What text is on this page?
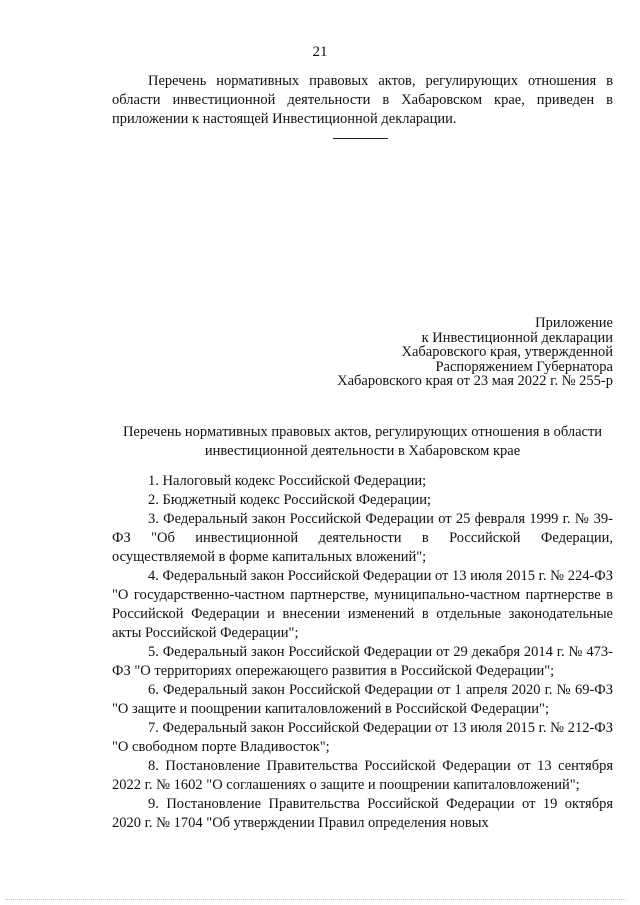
21

Перечень нормативных правовых актов, регулирующих отношения в области инвестиционной деятельности в Хабаровском крае, приведен в приложении к настоящей Инвестиционной декларации.

Приложение
к Инвестиционной декларации
Хабаровского края, утвержденной
Распоряжением Губернатора
Хабаровского края от 23 мая 2022 г. № 255-р
Перечень нормативных правовых актов, регулирующих отношения в области инвестиционной деятельности в Хабаровском крае

1. Налоговый кодекс Российской Федерации;

2. Бюджетный кодекс Российской Федерации;

3. Федеральный закон Российской Федерации от 25 февраля 1999 г. № 39-ФЗ "Об инвестиционной деятельности в Российской Федерации, осуществляемой в форме капитальных вложений";

4. Федеральный закон Российской Федерации от 13 июля 2015 г. № 224-ФЗ "О государственно-частном партнерстве, муниципально-частном партнерстве в Российской Федерации и внесении изменений в отдельные законодательные акты Российской Федерации";

5. Федеральный закон Российской Федерации от 29 декабря 2014 г. № 473-ФЗ "О территориях опережающего развития в Российской Федерации";

6. Федеральный закон Российской Федерации от 1 апреля 2020 г. № 69-ФЗ "О защите и поощрении капиталовложений в Российской Федерации";

7. Федеральный закон Российской Федерации от 13 июля 2015 г. № 212-ФЗ "О свободном порте Владивосток";

8. Постановление Правительства Российской Федерации от 13 сентября 2022 г. № 1602 "О соглашениях о защите и поощрении капиталовложений";

9. Постановление Правительства Российской Федерации от 19 октября 2020 г. № 1704 "Об утверждении Правил определения новых
